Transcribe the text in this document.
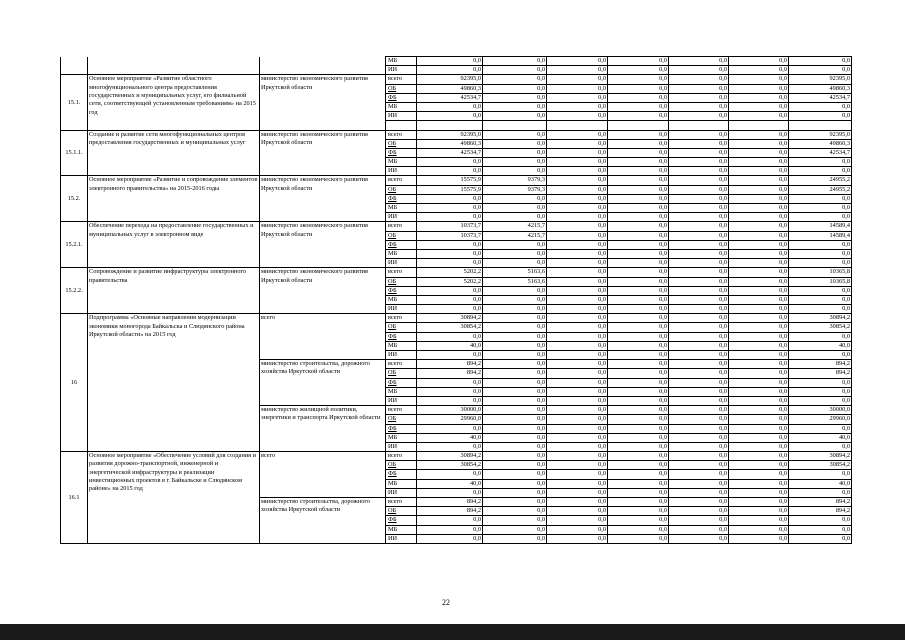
			МБ	0,0	0,0	0,0	0,0	0,0	0,0	0,0
			ИИ	0,0	0,0	0,0	0,0	0,0	0,0	0,0
15.1.	Основное мероприятие «Развитие областного многофункционального центра предоставления государственных и муниципальных услуг, его филиальной сети, соответствующей установленным требованиям» на 2015 год	министерство экономического развития Иркутской области	всего	92395,0	0,0	0,0	0,0	0,0	0,0	92395,0
			ОБ	49860,3	0,0	0,0	0,0	0,0	0,0	49860,3
			ФБ	42534,7	0,0	0,0	0,0	0,0	0,0	42534,7
			МБ	0,0	0,0	0,0	0,0	0,0	0,0	0,0
			ИИ	0,0	0,0	0,0	0,0	0,0	0,0	0,0

15.1.1.	Создание и развитие сети многофункциональных центров предоставления государственных и муниципальных услуг	министерство экономического развития Иркутской области	всего	92395,0	0,0	0,0	0,0	0,0	0,0	92395,0
			ОБ	49860,3	0,0	0,0	0,0	0,0	0,0	49860,3
			ФБ	42534,7	0,0	0,0	0,0	0,0	0,0	42534,7
			МБ	0,0	0,0	0,0	0,0	0,0	0,0	0,0
			ИИ	0,0	0,0	0,0	0,0	0,0	0,0	0,0
15.2.	Основное мероприятие «Развитие и сопровождение элементов электронного правительства» на 2015-2016 годы	министерство экономического развития Иркутской области	всего	15575,9	9379,3	0,0	0,0	0,0	0,0	24955,2
			ОБ	15575,9	9379,3	0,0	0,0	0,0	0,0	24955,2
			ФБ	0,0	0,0	0,0	0,0	0,0	0,0	0,0
			МБ	0,0	0,0	0,0	0,0	0,0	0,0	0,0
			ИИ	0,0	0,0	0,0	0,0	0,0	0,0	0,0
15.2.1.	Обеспечение перехода на предоставление государственных и муниципальных услуг в электронном виде	министерство экономического развития Иркутской области	всего	10373,7	4215,7	0,0	0,0	0,0	0,0	14589,4
			ОБ	10373,7	4215,7	0,0	0,0	0,0	0,0	14589,4
			ФБ	0,0	0,0	0,0	0,0	0,0	0,0	0,0
			МБ	0,0	0,0	0,0	0,0	0,0	0,0	0,0
			ИИ	0,0	0,0	0,0	0,0	0,0	0,0	0,0
15.2.2.	Сопровождение и развитие инфраструктуры электронного правительства	министерство экономического развития Иркутской области	всего	5202,2	5163,6	0,0	0,0	0,0	0,0	10365,8
			ОБ	5202,2	5163,6	0,0	0,0	0,0	0,0	10365,8
			ФБ	0,0	0,0	0,0	0,0	0,0	0,0	0,0
			МБ	0,0	0,0	0,0	0,0	0,0	0,0	0,0
			ИИ	0,0	0,0	0,0	0,0	0,0	0,0	0,0
16	Подпрограмма «Основные направления модернизации экономики моногорода Байкальска и Слюдянского района Иркутской области» на 2015 год	всего	всего	30894,2	0,0	0,0	0,0	0,0	0,0	30894,2
			ОБ	30854,2	0,0	0,0	0,0	0,0	0,0	30854,2
			ФБ	0,0	0,0	0,0	0,0	0,0	0,0	0,0
			МБ	40,0	0,0	0,0	0,0	0,0	0,0	40,0
			ИИ	0,0	0,0	0,0	0,0	0,0	0,0	0,0
		министерство строительства, дорожного хозяйства Иркутской области	всего	894,2	0,0	0,0	0,0	0,0	0,0	894,2
			ОБ	894,2	0,0	0,0	0,0	0,0	0,0	894,2
			ФБ	0,0	0,0	0,0	0,0	0,0	0,0	0,0
			МБ	0,0	0,0	0,0	0,0	0,0	0,0	0,0
			ИИ	0,0	0,0	0,0	0,0	0,0	0,0	0,0
		министерство жилищной политики, энергетики и транспорта Иркутской области	всего	30000,0	0,0	0,0	0,0	0,0	0,0	30000,0
			ОБ	29960,0	0,0	0,0	0,0	0,0	0,0	29960,0
			ФБ	0,0	0,0	0,0	0,0	0,0	0,0	0,0
			МБ	40,0	0,0	0,0	0,0	0,0	0,0	40,0
			ИИ	0,0	0,0	0,0	0,0	0,0	0,0	0,0
16.1	Основное мероприятие «Обеспечение условий для создания и развития дорожно-транспортной, инженерной и энергетической инфраструктуры и реализации инвестиционных проектов в г. Байкальске и Слюдянском районе» на 2015 год	всего	всего	30894,2	0,0	0,0	0,0	0,0	0,0	30894,2
			ОБ	30854,2	0,0	0,0	0,0	0,0	0,0	30854,2
			ФБ	0,0	0,0	0,0	0,0	0,0	0,0	0,0
			МБ	40,0	0,0	0,0	0,0	0,0	0,0	40,0
			ИИ	0,0	0,0	0,0	0,0	0,0	0,0	0,0
		министерство строительства, дорожного хозяйства Иркутской области	всего	894,2	0,0	0,0	0,0	0,0	0,0	894,2
			ОБ	894,2	0,0	0,0	0,0	0,0	0,0	894,2
			ФБ	0,0	0,0	0,0	0,0	0,0	0,0	0,0
			МБ	0,0	0,0	0,0	0,0	0,0	0,0	0,0
			ИИ	0,0	0,0	0,0	0,0	0,0	0,0	0,0
22
